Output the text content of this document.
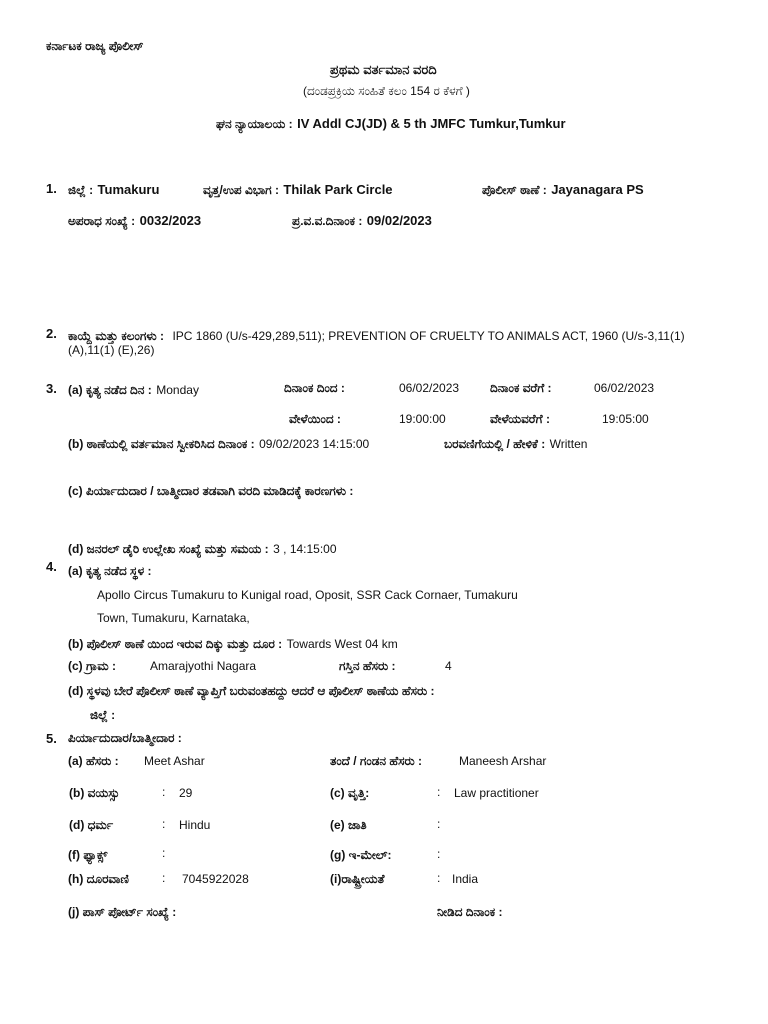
ಕರ್ನಾಟಕ ರಾಜ್ಯ ಪೊಲೀಸ್
ಪ್ರಥಮ ವರ್ತಮಾನ ವರದಿ
(ದಂಡಪ್ರಕ್ರಿಯ ಸಂಹಿತೆ ಕಲಂ 154 ರ ಕೆಳಗೆ )
ಘನ ನ್ಯಾಯಾಲಯ : IV Addl CJ(JD) & 5 th JMFC Tumkur,Tumkur
1. ಜಿಲ್ಲೆ : Tumakuru	ವೃತ್ತ/ಉಪ ವಿಭಾಗ : Thilak Park Circle	ಪೊಲೀಸ್ ಠಾಣೆ : Jayanagara PS
ಅಪರಾಧ ಸಂಖ್ಯೆ : 0032/2023	ಪ್ರ.ವ.ವ.ದಿನಾಂಕ : 09/02/2023
2. ಕಾಯ್ದೆ ಮತ್ತು ಕಲಂಗಳು : IPC 1860 (U/s-429,289,511); PREVENTION OF CRUELTY TO ANIMALS ACT, 1960 (U/s-3,11(1)
(A),11(1) (E),26)
3. (a) ಕೃತ್ಯ ನಡೆದ ದಿನ : Monday	ದಿನಾಂಕ ದಿಂದ :	06/02/2023	ದಿನಾಂಕ ವರೆಗೆ :	06/02/2023
ವೇಳೆಯಿಂದ :	19:00:00	ವೇಳೆಯವರೆಗೆ :	19:05:00
(b) ಠಾಣೆಯಲ್ಲಿ ವರ್ತಮಾನ ಸ್ವೀಕರಿಸಿದ ದಿನಾಂಕ : 09/02/2023 14:15:00	ಬರವಣಿಗೆಯಲ್ಲಿ / ಹೇಳಿಕೆ : Written
(c) ಪಿರ್ಯಾದುದಾರ / ಬಾತ್ಮೀದಾರ ತಡವಾಗಿ ವರದಿ ಮಾಡಿದಕ್ಕೆ ಕಾರಣಗಳು :
(d) ಜನರಲ್ ಡೈರಿ ಉಲ್ಲೇಖ ಸಂಖ್ಯೆ ಮತ್ತು ಸಮಯ : 3 , 14:15:00
4. (a) ಕೃತ್ಯ ನಡೆದ ಸ್ಥಳ :
Apollo Circus Tumakuru to Kunigal road, Oposit, SSR Cack Cornaer, Tumakuru
Town, Tumakuru, Karnataka,
(b) ಪೊಲೀಸ್ ಠಾಣೆ ಯಿಂದ ಇರುವ ದಿಕ್ಕು ಮತ್ತು ದೂರ : Towards West 04 km
(c) ಗ್ರಾಮ :	Amarajyothi Nagara	ಗಸ್ತಿನ ಹೆಸರು :	4
(d) ಸ್ಥಳವು ಬೇರೆ ಪೊಲೀಸ್ ಠಾಣೆ ವ್ಯಾಪ್ತಿಗೆ ಬರುವಂತಹದ್ದು ಆದರೆ ಆ ಪೊಲೀಸ್ ಠಾಣೆಯ ಹೆಸರು :
ಜಿಲ್ಲೆ :
5. ಪಿರ್ಯಾದುದಾರ/ಬಾತ್ಮೀದಾರ :
(a) ಹೆಸರು : Meet Ashar	ತಂದೆ / ಗಂಡನ ಹೆಸರು :	Maneesh Arshar
(b) ವಯಸ್ಸು	: 29	(c) ವೃತ್ತಿ:	: Law practitioner
(d) ಧರ್ಮ	: Hindu	(e) ಜಾತಿ	:
(f) ಫ್ಯಾಕ್ಸ್	:	(g) ಇ-ಮೇಲ್:	:
(h) ದೂರವಾಣಿ	: 7045922028	(i)ರಾಷ್ಟ್ರೀಯತೆ	: India
(j) ಪಾಸ್ ಪೋರ್ಟ್ ಸಂಖ್ಯೆ :	ನೀಡಿದ ದಿನಾಂಕ :
